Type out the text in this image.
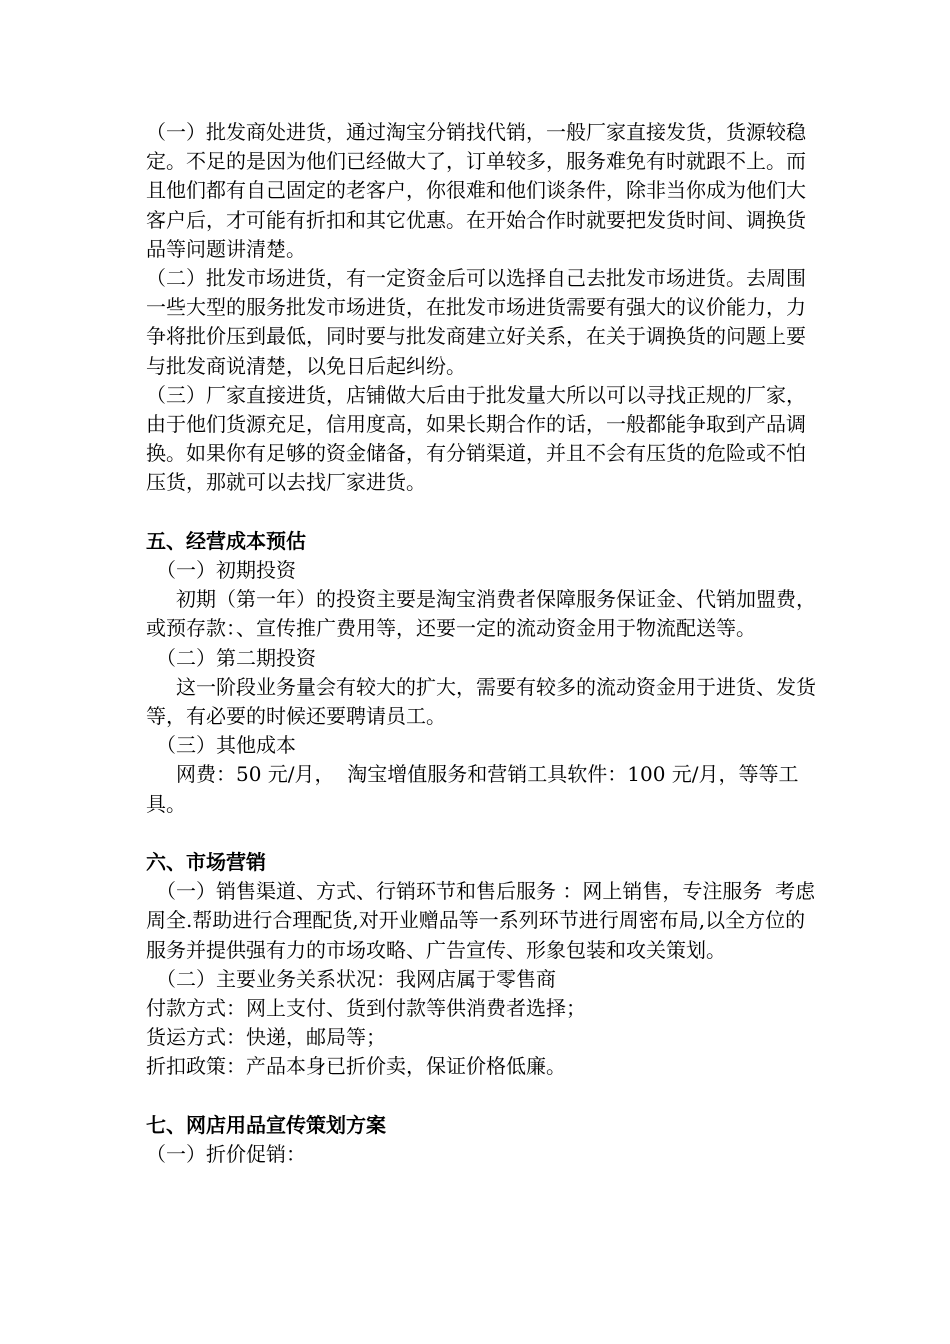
（一）批发商处进货，通过淘宝分销找代销，一般厂家直接发货，货源较稳定。不足的是因为他们已经做大了，订单较多，服务难免有时就跟不上。而且他们都有自己固定的老客户，你很难和他们谈条件，除非当你成为他们大客户后，才可能有折扣和其它优惠。在开始合作时就要把发货时间、调换货品等问题讲清楚。

（二）批发市场进货，有一定资金后可以选择自己去批发市场进货。去周围一些大型的服务批发市场进货，在批发市场进货需要有强大的议价能力，力争将批价压到最低，同时要与批发商建立好关系，在关于调换货的问题上要与批发商说清楚，以免日后起纠纷。

（三）厂家直接进货，店铺做大后由于批发量大所以可以寻找正规的厂家，由于他们货源充足，信用度高，如果长期合作的话，一般都能争取到产品调换。如果你有足够的资金储备，有分销渠道，并且不会有压货的危险或不怕压货，那就可以去找厂家进货。

五、经营成本预估

（一）初期投资

初期（第一年）的投资主要是淘宝消费者保障服务保证金、代销加盟费，或预存款：、宣传推广费用等，还要一定的流动资金用于物流配送等。

（二）第二期投资

这一阶段业务量会有较大的扩大，需要有较多的流动资金用于进货、发货等，有必要的时候还要聘请员工。

（三）其他成本

网费：50 元/月，  淘宝增值服务和营销工具软件：100 元/月，等等工具。

六、市场营销

（一）销售渠道、方式、行销环节和售后服务 ：网上销售，专注服务  考虑周全.帮助进行合理配货,对开业赠品等一系列环节进行周密布局,以全方位的服务并提供强有力的市场攻略、广告宣传、形象包装和攻关策划。

（二）主要业务关系状况：我网店属于零售商

付款方式：网上支付、货到付款等供消费者选择；

货运方式：快递，邮局等；

折扣政策：产品本身已折价卖，保证价格低廉。

七、网店用品宣传策划方案

（一）折价促销：
